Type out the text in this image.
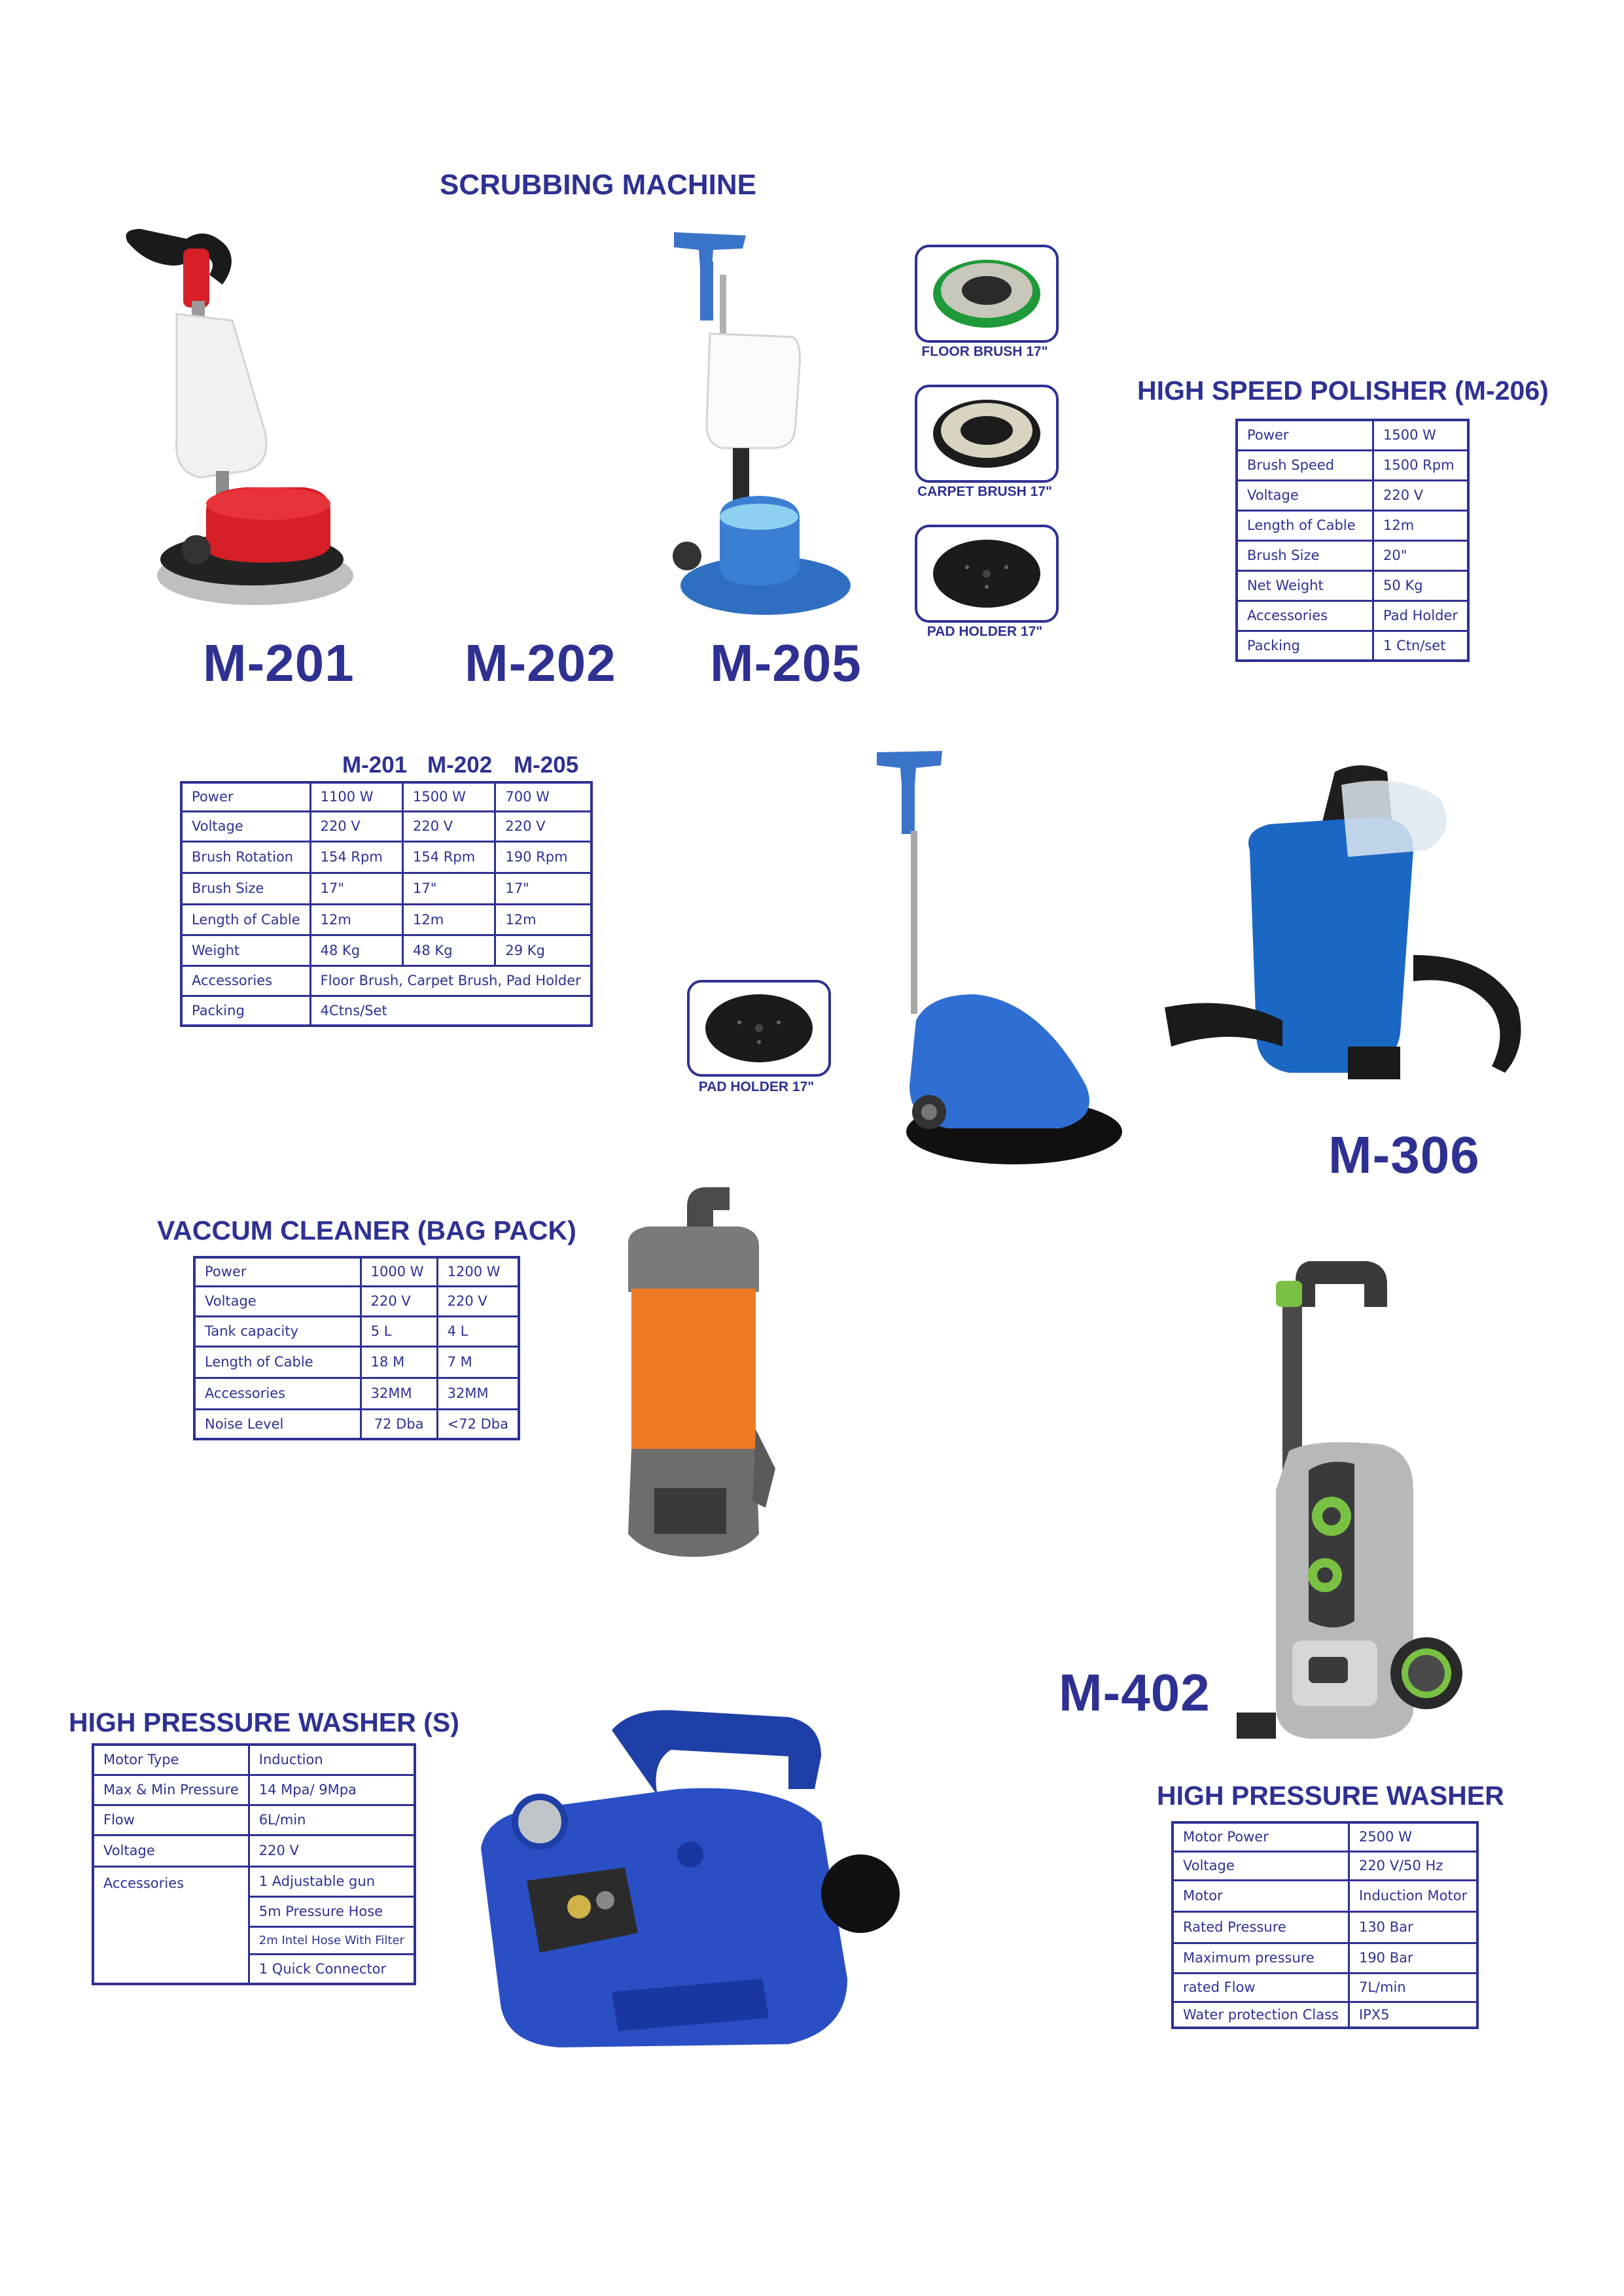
SCRUBBING MACHINE
M-201 M-202 M-205
FLOOR BRUSH 17"
CARPET BRUSH 17"
PAD HOLDER 17"
M-201 M-202 M-205
Power	1100 W	1500 W	700 W
Voltage	220 V	220 V	220 V
Brush Rotation	154 Rpm	154 Rpm	190 Rpm
Brush Size	17"	17"	17"
Length of Cable	12m	12m	12m
Weight	48 Kg	48 Kg	29 Kg
Accessories	Floor Brush, Carpet Brush, Pad Holder		
Packing	4Ctns/Set		
HIGH SPEED POLISHER (M-206)
Power	1500 W
Brush Speed	1500 Rpm
Voltage	220 V
Length of Cable	12m
Brush Size	20"
Net Weight	50 Kg
Accessories	Pad Holder
Packing	1 Ctn/set
PAD HOLDER 17"
M-306
VACCUM CLEANER (BAG PACK)
Power	1000 W	1200 W
Voltage	220 V	220 V
Tank capacity	5 L	4 L
Length of Cable	18 M	7 M
Accessories	32MM	32MM
Noise Level	72 Dba	<72 Dba
M-402
HIGH PRESSURE WASHER (S)
Motor Type	Induction
Max & Min Pressure	14 Mpa/ 9Mpa
Flow	6L/min
Voltage	220 V
Accessories	1 Adjustable gun
	5m Pressure Hose
	2m Intel Hose With Filter
	1 Quick Connector
HIGH PRESSURE WASHER
Motor Power	2500 W
Voltage	220 V/50 Hz
Motor	Induction Motor
Rated Pressure	130 Bar
Maximum pressure	190 Bar
rated Flow	7L/min
Water protection Class	IPX5
